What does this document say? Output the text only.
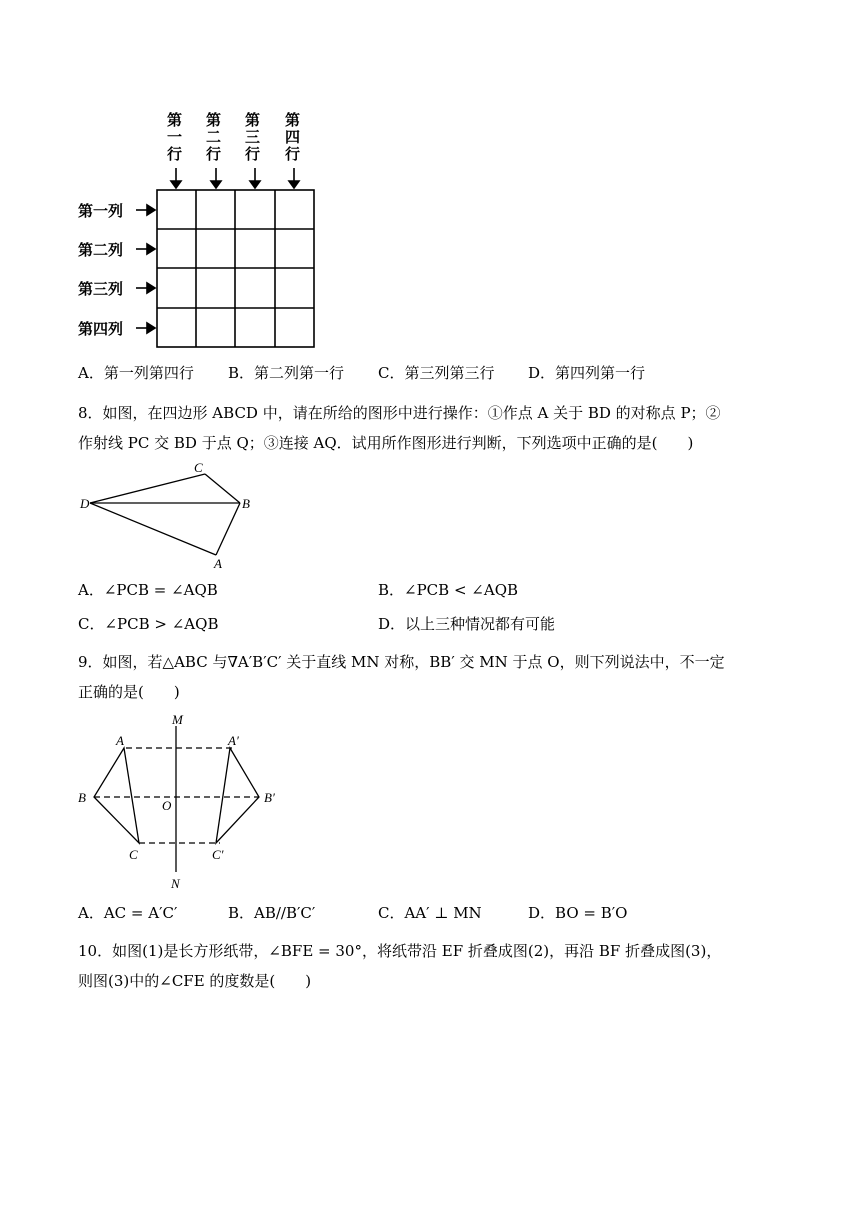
第一行 第二行 第三行 第四行
第一列
第二列
第三列
第四列
A．第一列第四行 B．第二列第一行 C．第三列第三行 D．第四列第一行
8．如图，在四边形 ABCD 中，请在所给的图形中进行操作：①作点 A 关于 BD 的对称点 P；②
作射线 PC 交 BD 于点 Q；③连接 AQ．试用所作图形进行判断，下列选项中正确的是(　　)
C
D	B
A
A．∠PCB = ∠AQB	B．∠PCB < ∠AQB
C．∠PCB > ∠AQB	D．以上三种情况都有可能
9．如图，若△ABC 与∇A′B′C′ 关于直线 MN 对称，BB′ 交 MN 于点 O，则下列说法中，不一定
正确的是(　　)
M
N
A
B
C
O
A′
B′
C′
A．AC = A′C′	B．AB//B′C′	C．AA′ ⊥ MN	D．BO = B′O
10．如图(1)是长方形纸带，∠BFE = 30°，将纸带沿 EF 折叠成图(2)，再沿 BF 折叠成图(3)，
则图(3)中的∠CFE 的度数是(　　)
